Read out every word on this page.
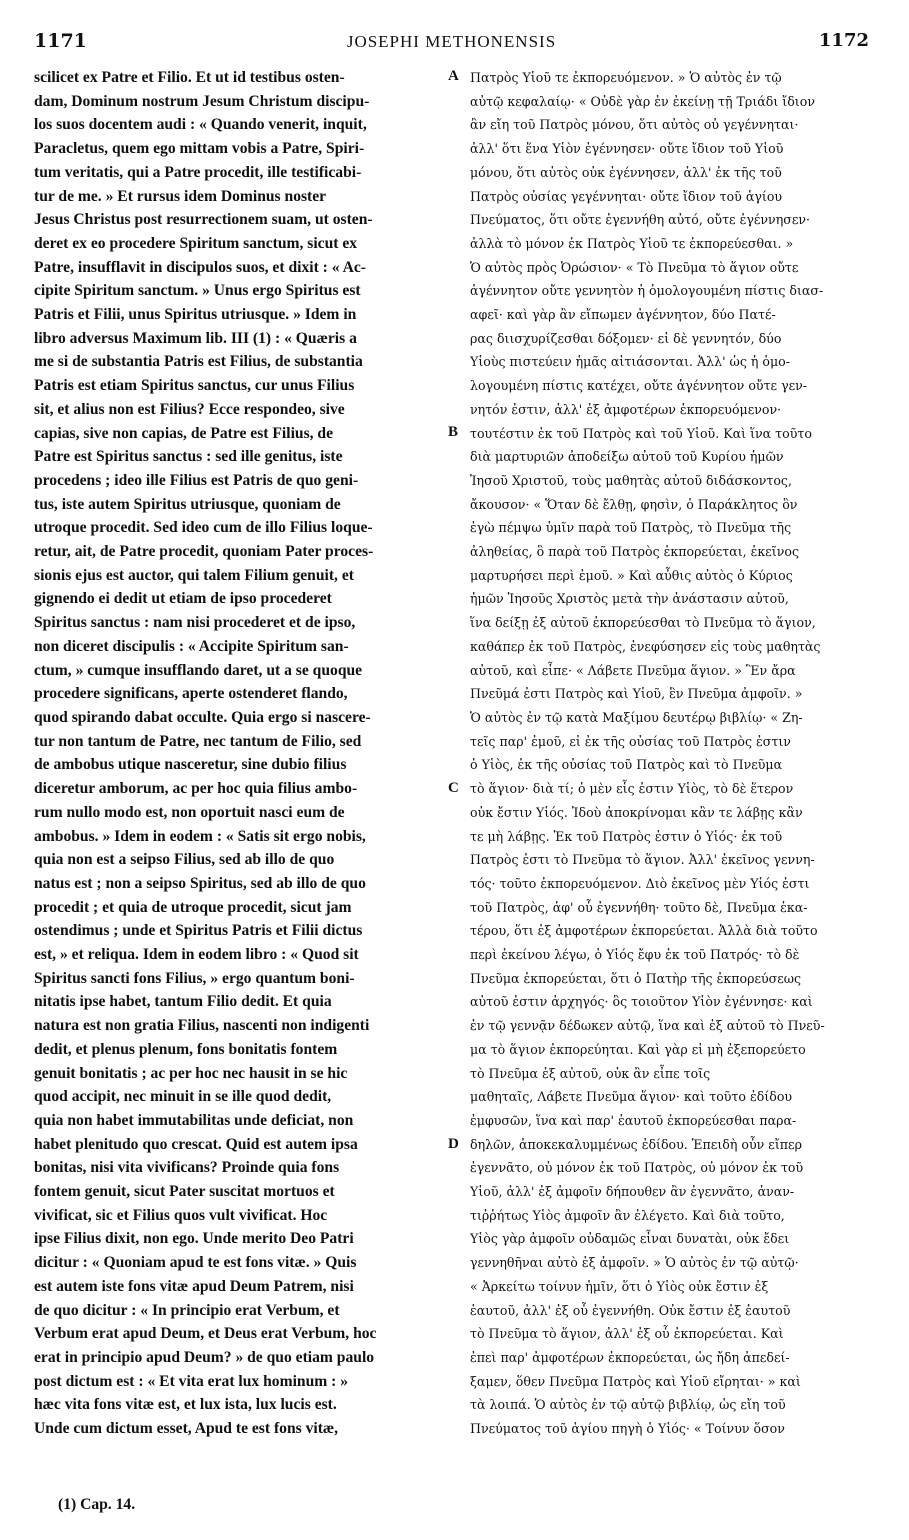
1171	JOSEPHI METHONENSIS	1172
scilicet ex Patre et Filio. Et ut id testibus osten-
dam, Dominum nostrum Jesum Christum discipu-
los suos docentem audi : « Quando venerit, inquit,
Paracletus, quem ego mittam vobis a Patre, Spiri-
tum veritatis, qui a Patre procedit, ille testificabi-
tur de me. » Et rursus idem Dominus noster
Jesus Christus post resurrectionem suam, ut osten-
deret ex eo procedere Spiritum sanctum, sicut ex
Patre, insufflavit in discipulos suos, et dixit : « Ac-
cipite Spiritum sanctum. » Unus ergo Spiritus est
Patris et Filii, unus Spiritus utriusque. » Idem in
libro adversus Maximum lib. III (1) : « Quæris a
me si de substantia Patris est Filius, de substantia
Patris est etiam Spiritus sanctus, cur unus Filius
sit, et alius non est Filius? Ecce respondeo, sive
capias, sive non capias, de Patre est Filius, de
Patre est Spiritus sanctus : sed ille genitus, iste
procedens ; ideo ille Filius est Patris de quo geni-
tus, iste autem Spiritus utriusque, quoniam de
utroque procedit. Sed ideo cum de illo Filius loque-
retur, ait, de Patre procedit, quoniam Pater proces-
sionis ejus est auctor, qui talem Filium genuit, et
gignendo ei dedit ut etiam de ipso procederet
Spiritus sanctus : nam nisi procederet et de ipso,
non diceret discipulis : « Accipite Spiritum san-
ctum, » cumque insufflando daret, ut a se quoque
procedere significans, aperte ostenderet flando,
quod spirando dabat occulte. Quia ergo si nascere-
tur non tantum de Patre, nec tantum de Filio, sed
de ambobus utique nasceretur, sine dubio filius
diceretur amborum, ac per hoc quia filius ambo-
rum nullo modo est, non oportuit nasci eum de
ambobus. » Idem in eodem : « Satis sit ergo nobis,
quia non est a seipso Filius, sed ab illo de quo
natus est ; non a seipso Spiritus, sed ab illo de quo
procedit ; et quia de utroque procedit, sicut jam
ostendimus ; unde et Spiritus Patris et Filii dictus
est, » et reliqua. Idem in eodem libro : « Quod sit
Spiritus sancti fons Filius, » ergo quantum boni-
nitatis ipse habet, tantum Filio dedit. Et quia
natura est non gratia Filius, nascenti non indigenti
dedit, et plenus plenum, fons bonitatis fontem
genuit bonitatis ; ac per hoc nec hausit in se hic
quod accipit, nec minuit in se ille quod dedit,
quia non habet immutabilitas unde deficiat, non
habet plenitudo quo crescat. Quid est autem ipsa
bonitas, nisi vita vivificans? Proinde quia fons
fontem genuit, sicut Pater suscitat mortuos et
vivificat, sic et Filius quos vult vivificat. Hoc
ipse Filius dixit, non ego. Unde merito Deo Patri
dicitur : « Quoniam apud te est fons vitæ. » Quis
est autem iste fons vitæ apud Deum Patrem, nisi
de quo dicitur : « In principio erat Verbum, et
Verbum erat apud Deum, et Deus erat Verbum, hoc
erat in principio apud Deum? » de quo etiam paulo
post dictum est : « Et vita erat lux hominum : »
hæc vita fons vitæ est, et lux ista, lux lucis est.
Unde cum dictum esset, Apud te est fons vitæ,
Πατρὸς Υἱοῦ τε ἐκπορευόμενον. » Ὁ αὐτὸς ἐν τῷ
αὐτῷ κεφαλαίῳ· « Οὐδὲ γὰρ ἐν ἐκείνῃ τῇ Τριάδι ἴδιον
ἂν εἴη τοῦ Πατρὸς μόνου, ὅτι αὐτὸς οὐ γεγέννηται·
ἀλλ' ὅτι ἕνα Υἱὸν ἐγέννησεν· οὔτε ἴδιον τοῦ Υἱοῦ
μόνου, ὅτι αὐτὸς οὐκ ἐγέννησεν, ἀλλ' ἐκ τῆς τοῦ
Πατρὸς οὐσίας γεγέννηται· οὔτε ἴδιον τοῦ ἁγίου
Πνεύματος, ὅτι οὔτε ἐγεννήθη αὐτό, οὔτε ἐγέννησεν·
ἀλλὰ τὸ μόνον ἐκ Πατρὸς Υἱοῦ τε ἐκπορεύεσθαι. »
Ὁ αὐτὸς πρὸς Ὀρώσιον· « Τὸ Πνεῦμα τὸ ἅγιον οὔτε
ἀγέννητον οὔτε γεννητὸν ἡ ὁμολογουμένη πίστις διασ-
αφεῖ· καὶ γὰρ ἂν εἴπωμεν ἀγέννητον, δύο Πατέ-
ρας διισχυρίζεσθαι δόξομεν· εἰ δὲ γεννητόν, δύο
Υἱοὺς πιστεύειν ἡμᾶς αἰτιάσονται. Ἀλλ' ὡς ἡ ὁμο-
λογουμένη πίστις κατέχει, οὔτε ἀγέννητον οὔτε γεν-
νητόν ἐστιν, ἀλλ' ἐξ ἀμφοτέρων ἐκπορευόμενον·
τουτέστιν ἐκ τοῦ Πατρὸς καὶ τοῦ Υἱοῦ. Καὶ ἵνα τοῦτο
διὰ μαρτυριῶν ἀποδείξω αὐτοῦ τοῦ Κυρίου ἡμῶν
Ἰησοῦ Χριστοῦ, τοὺς μαθητὰς αὐτοῦ διδάσκοντος,
ἄκουσον· « Ὅταν δὲ ἔλθῃ, φησὶν, ὁ Παράκλητος ὃν
ἐγὼ πέμψω ὑμῖν παρὰ τοῦ Πατρὸς, τὸ Πνεῦμα τῆς
ἀληθείας, ὃ παρὰ τοῦ Πατρὸς ἐκπορεύεται, ἐκεῖνος
μαρτυρήσει περὶ ἐμοῦ. » Καὶ αὖθις αὐτὸς ὁ Κύριος
ἡμῶν Ἰησοῦς Χριστὸς μετὰ τὴν ἀνάστασιν αὐτοῦ,
ἵνα δείξῃ ἐξ αὐτοῦ ἐκπορεύεσθαι τὸ Πνεῦμα τὸ ἅγιον,
καθάπερ ἐκ τοῦ Πατρὸς, ἐνεφύσησεν εἰς τοὺς μαθητὰς
αὐτοῦ, καὶ εἶπε· « Λάβετε Πνεῦμα ἅγιον. » Ἓν ἄρα
Πνεῦμά ἐστι Πατρὸς καὶ Υἱοῦ, ἓν Πνεῦμα ἀμφοῖν. »
Ὁ αὐτὸς ἐν τῷ κατὰ Μαξίμου δευτέρῳ βιβλίῳ· « Ζη-
τεῖς παρ' ἐμοῦ, εἰ ἐκ τῆς οὐσίας τοῦ Πατρὸς ἐστιν
ὁ Υἱὸς, ἐκ τῆς οὐσίας τοῦ Πατρὸς καὶ τὸ Πνεῦμα
τὸ ἅγιον· διὰ τί; ὁ μὲν εἷς ἐστιν Υἱὸς, τὸ δὲ ἕτερον
οὐκ ἔστιν Υἱός. Ἰδοὺ ἀποκρίνομαι κἂν τε λάβῃς κἂν
τε μὴ λάβῃς. Ἐκ τοῦ Πατρὸς ἐστιν ὁ Υἱός· ἐκ τοῦ
Πατρὸς ἐστι τὸ Πνεῦμα τὸ ἅγιον. Ἀλλ' ἐκεῖνος γεννη-
τός· τοῦτο ἐκπορευόμενον. Διὸ ἐκεῖνος μὲν Υἱός ἐστι
τοῦ Πατρὸς, ἀφ' οὗ ἐγεννήθη· τοῦτο δὲ, Πνεῦμα ἑκα-
τέρου, ὅτι ἐξ ἀμφοτέρων ἐκπορεύεται. Ἀλλὰ διὰ τοῦτο
περὶ ἐκείνου λέγω, ὁ Υἱός ἔφυ ἐκ τοῦ Πατρός· τὸ δὲ
Πνεῦμα ἐκπορεύεται, ὅτι ὁ Πατὴρ τῆς ἐκπορεύσεως
αὐτοῦ ἐστιν ἀρχηγός· ὃς τοιοῦτον Υἱὸν ἐγέννησε· καὶ
ἐν τῷ γεννᾷν δέδωκεν αὐτῷ, ἵνα καὶ ἐξ αὐτοῦ τὸ Πνεῦ-
μα τὸ ἅγιον ἐκπορεύηται. Καὶ γὰρ εἰ μὴ ἐξεπορεύετο
τὸ Πνεῦμα ἐξ αὐτοῦ, οὐκ ἂν εἶπε τοῖς
μαθηταῖς, Λάβετε Πνεῦμα ἅγιον· καὶ τοῦτο ἐδίδου
ἐμφυσῶν, ἵνα καὶ παρ' ἑαυτοῦ ἐκπορεύεσθαι παρα-
δηλῶν, ἀποκεκαλυμμένως ἐδίδου. Ἐπειδὴ οὖν εἴπερ
ἐγεννᾶτο, οὐ μόνον ἐκ τοῦ Πατρὸς, οὐ μόνον ἐκ τοῦ
Υἱοῦ, ἀλλ' ἐξ ἀμφοῖν δήπουθεν ἂν ἐγεννᾶτο, ἀναν-
τιῤῥήτως Υἱὸς ἀμφοῖν ἂν ἐλέγετο. Καὶ διὰ τοῦτο,
Υἱὸς γὰρ ἀμφοῖν οὐδαμῶς εἶναι δυνατὰι, οὐκ ἔδει
γεννηθῆναι αὐτὸ ἐξ ἀμφοῖν. » Ὁ αὐτὸς ἐν τῷ αὐτῷ·
« Ἀρκείτω τοίνυν ἡμῖν, ὅτι ὁ Υἱὸς οὐκ ἔστιν ἐξ
ἑαυτοῦ, ἀλλ' ἐξ οὗ ἐγεννήθη. Οὐκ ἔστιν ἐξ ἑαυτοῦ
τὸ Πνεῦμα τὸ ἅγιον, ἀλλ' ἐξ οὗ ἐκπορεύεται. Καὶ
ἐπεὶ παρ' ἀμφοτέρων ἐκπορεύεται, ὡς ἤδη ἀπεδεί-
ξαμεν, ὅθεν Πνεῦμα Πατρὸς καὶ Υἱοῦ εἴρηται· » καὶ
τὰ λοιπά. Ὁ αὐτὸς ἐν τῷ αὐτῷ βιβλίῳ, ὡς εἴη τοῦ
Πνεύματος τοῦ ἁγίου πηγὴ ὁ Υἱός· « Τοίνυν ὅσον
A
B
C
D
(1) Cap. 14.
